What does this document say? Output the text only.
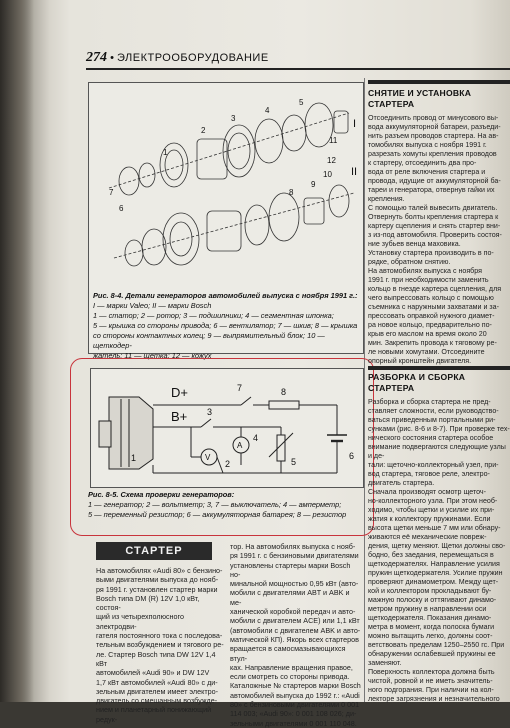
274 • ЭЛЕКТРООБОРУДОВАНИЕ
1
2
3
4
5
6
7	8
9
10
11
12
I
II
Рис. 8-4. Детали генераторов автомобилей выпуска с ноября 1991 г.:
I — марки Valeo; II — марки Bosch
1 — статор; 2 — ротор; 3 — подшипники; 4 — сегментная шпонка;
5 — крышка со стороны привода; 6 — вентилятор; 7 — шкив; 8 — крышка
со стороны контактных колец; 9 — выпрямительный блок; 10 — щеткодер-
жатель; 11 — щетка; 12 — кожух
D+
B+
7	8
3
4
5
6
1
2
A
V
Рис. 8-5. Схема проверки генераторов:
1 — генератор; 2 — вольтметр; 3, 7 — выключатель; 4 — амперметр;
5 — переменный резистор; 6 — аккумуляторная батарея; 8 — резистор
СНЯТИЕ И УСТАНОВКА
СТАРТЕРА
Отсоединить провод от минусового вы-
вода аккумуляторной батареи, разъеди-
нить разъем проводов стартера. На ав-
томобилях выпуска с ноября 1991 г.
разрезать хомуты крепления проводов
к стартеру, отсоединить два про-
вода от реле включения стартера и
провода, идущие от аккумуляторной ба-
тареи и генератора, отвернув гайки их
крепления.
С помощью талей вывесить двигатель.
Отвернуть болты крепления стартера к
картеру сцепления и снять стартер вни-
з из-под автомобиля. Проверить состоя-
ние зубьев венца маховика.
Установку стартера производить в по-
рядке, обратном снятию.
На автомобилях выпуска с ноября
1991 г. при необходимости заменить
кольцо в гнезде картера сцепления, для
чего выпрессовать кольцо с помощью
съемника с наружными захватами и за-
прессовать оправкой нужного диамет-
ра новое кольцо, предварительно по-
крыв его маслом на время около 20
мин. Закрепить провода к тяговому ре-
ле новыми хомутами. Отсоедините
опорный кронштейн двигателя.
РАЗБОРКА И СБОРКА
СТАРТЕРА
Разборка и сборка стартера не пред-
ставляет сложности, если руководство-
ваться приведенным портальными ри-
сунками (рис. 8-6 и 8-7). При проверке тех-
нического состояния стартера особое
внимание подвергаются следующие узлы и де-
тали: щеточно-коллекторный узел, при-
вод стартера, тяговое реле, электро-
двигатель стартера.
Сначала производят осмотр щеточ-
но-коллекторного узла. При этом необ-
ходимо, чтобы щетки и усилие их при-
жатия к коллектору пружинами. Если
высота щетки меньше 7 мм или обнару-
живаются её механические повреж-
дения, щетку меняют. Щетки должны сво-
бодно, без заедания, перемещаться в
щеткодержателях. Направление усилия
пружин щеткодержателя. Усилие пружин
проверяют динамометром. Между щет-
кой и коллектором прокладывают бу-
мажную полоску и оттягивают динамо-
метром пружину в направлении оси
щеткодержателя. Показания динамо-
метра в момент, когда полоска бумаги
можно вытащить легко, должны соот-
ветствовать пределам 1250–2550 гс. При
обнаружении ослабевшей пружины ее
заменяют.
Поверхность коллектора должна быть
чистой, ровной и не иметь значитель-
ного подгорания. При наличии на кол-
лекторе загрязнения и незначительного
СТАРТЕР
На автомобилях «Audi 80» с бензино-
выми двигателями выпуска до нояб-
ря 1991 г. установлен стартер марки
Bosch типа DM (R) 12V 1,0 кВт, состоя-
щий из четырехполюсного электродви-
гателя постоянного тока с последова-
тельным возбуждением и тягового ре-
ле. Стартер Bosch типа DW 12V 1,4 кВт
автомобилей «Audi 90» и DW 12V
1,7 кВт автомобилей «Audi 80» с ди-
зельным двигателем имеет электро-
двигатель со смешанным возбужде-
нием и планетарный понижающий редук-
тор. На автомобилях выпуска с нояб-
ря 1991 г. с бензиновыми двигателями
установлены стартеры марки Bosch но-
минальной мощностью 0,95 кВт (авто-
мобили с двигателями ABT и ABK и ме-
ханической коробкой передач и авто-
мобили с двигателем ACE) или 1,1 кВт
(автомобили с двигателем ABK и авто-
матической КП). Якорь всех стартеров
вращается в самосмазывающихся втул-
ках. Направление вращения правое,
если смотреть со стороны привода.
Каталожные № стартеров марки Bosch
автомобилей выпуска до 1992 г.: «Audi
80» с бензиновыми двигателями 0 001
114 003; «Audi 90»: 0 001 108 026; ди-
зельными двигателями 0 001 110 048.
